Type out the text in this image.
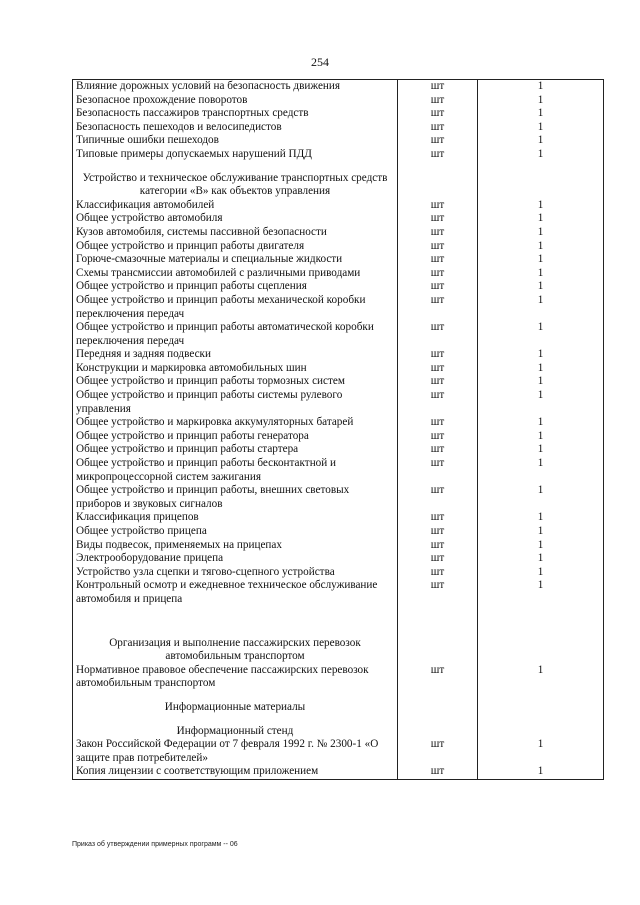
254
Влияние дорожных условий на безопасность движения	шт	1
Безопасное прохождение поворотов	шт	1
Безопасность пассажиров транспортных средств	шт	1
Безопасность пешеходов и велосипедистов	шт	1
Типичные ошибки пешеходов	шт	1
Типовые примеры допускаемых нарушений ПДД	шт	1
Устройство и техническое обслуживание транспортных средств категории «В» как объектов управления		
Классификация автомобилей	шт	1
Общее устройство автомобиля	шт	1
Кузов автомобиля, системы пассивной безопасности	шт	1
Общее устройство и принцип работы двигателя	шт	1
Горюче-смазочные материалы и специальные жидкости	шт	1
Схемы трансмиссии автомобилей с различными приводами	шт	1
Общее устройство и принцип работы сцепления	шт	1
Общее устройство и принцип работы механической коробки переключения передач	шт	1
Общее устройство и принцип работы автоматической коробки переключения передач	шт	1
Передняя и задняя подвески	шт	1
Конструкции и маркировка автомобильных шин	шт	1
Общее устройство и принцип работы тормозных систем	шт	1
Общее устройство и принцип работы системы рулевого управления	шт	1
Общее устройство и маркировка аккумуляторных батарей	шт	1
Общее устройство и принцип работы генератора	шт	1
Общее устройство и принцип работы стартера	шт	1
Общее устройство и принцип работы бесконтактной и микропроцессорной систем зажигания	шт	1
Общее устройство и принцип работы, внешних световых приборов и звуковых сигналов	шт	1
Классификация прицепов	шт	1
Общее устройство прицепа	шт	1
Виды подвесок, применяемых на прицепах	шт	1
Электрооборудование прицепа	шт	1
Устройство узла сцепки и тягово-сцепного устройства	шт	1
Контрольный осмотр и ежедневное техническое обслуживание автомобиля и прицепа	шт	1
Организация и выполнение пассажирских перевозок автомобильным транспортом		
Нормативное правовое обеспечение пассажирских перевозок автомобильным транспортом	шт	1
Информационные материалы		
Информационный стенд		
Закон Российской Федерации от 7 февраля 1992 г. № 2300-1 «О защите прав потребителей»	шт	1
Копия лицензии с соответствующим приложением	шт	1
Приказ об утверждении примерных программ -- 06
